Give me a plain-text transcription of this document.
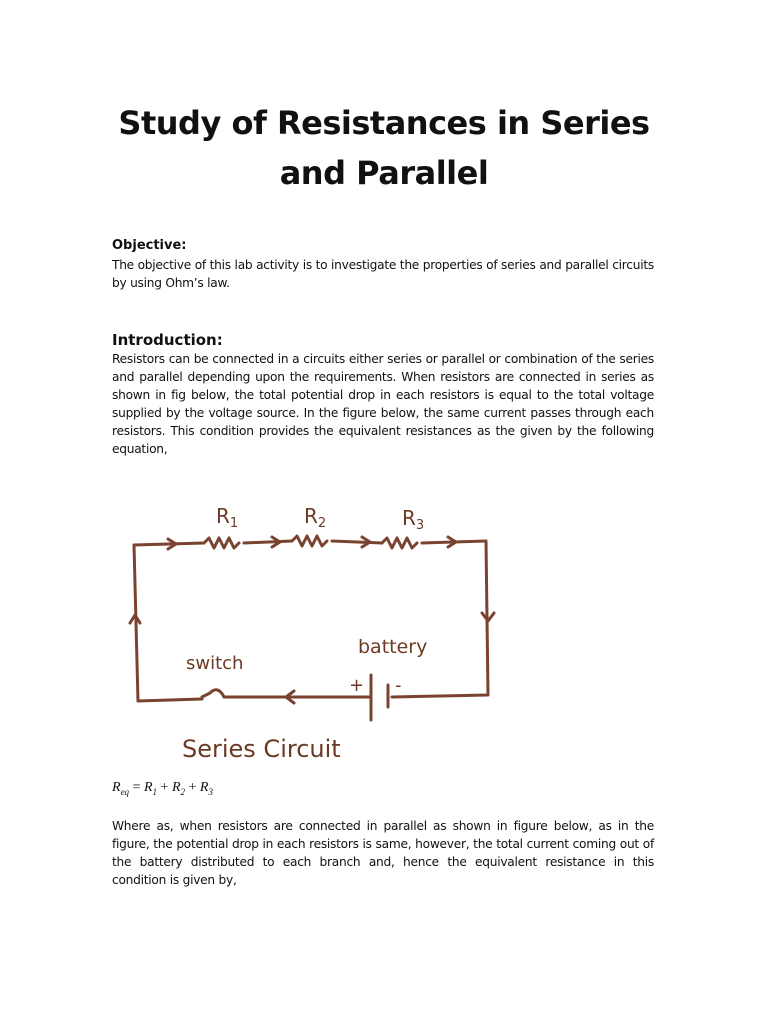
Study of Resistances in Series and Parallel
Objective:
The objective of this lab activity is to investigate the properties of series and parallel circuits by using Ohm’s law.
Introduction:
Resistors can be connected in a circuits either series or parallel or combination of the series and parallel depending upon the requirements. When resistors are connected in series as shown in fig below, the total potential drop in each resistors is equal to the total voltage supplied by the voltage source. In the figure below, the same current passes through each resistors. This condition provides the equivalent resistances as the given by the following equation,
$R_1$	$R_2$	$R_3$
battery
switch
+ -
Series Circuit
$R_{eq} = R_1 + R_2 + R_3$
Where as, when resistors are connected in parallel as shown in figure below, as in the figure, the potential drop in each resistors is same, however, the total current coming out of the battery distributed to each branch and, hence the equivalent resistance in this condition is given by,
